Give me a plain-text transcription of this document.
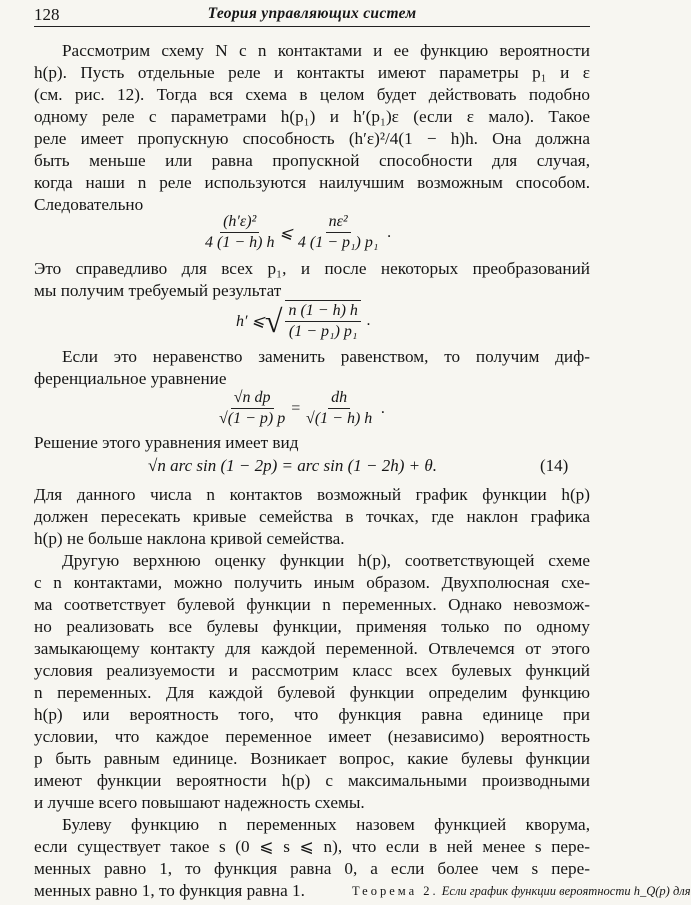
128	Теория управляющих систем
Рассмотрим схему N с n контактами и ее функцию вероятности
h(p). Пусть отдельные реле и контакты имеют параметры p₁ и ε
(см. рис. 12). Тогда вся схема в целом будет действовать подобно
одному реле с параметрами h(p₁) и h′(p₁)ε (если ε мало). Такое
реле имеет пропускную способность (h′ε)²/4(1 − h)h. Она должна
быть меньше или равна пропускной способности для случая,
когда наши n реле используются наилучшим возможным способом.
Следовательно
$\frac{\text{(h′ε)²}}{4 (1 - h) h}$ ⩽ $\frac{\text{nε²}}{\text{4 (1 − p₁) p₁}}$ .
Это справедливо для всех p₁, и после некоторых преобразований
мы получим требуемый результат
h′ ⩽ √ $\frac{n (1 - h) h}{\text{(1 − p₁) p₁}}$ .
Если это неравенство заменить равенством, то получим диф-
ференциальное уравнение
$\frac{\text{√n dp}}{√(1 - p) p} = \frac{dh}{√(1 - h) h}$ .
Решение этого уравнения имеет вид
√n arc sin (1 − 2p) = arc sin (1 − 2h) + θ.	(14)
Для данного числа n контактов возможный график функции h(p)
должен пересекать кривые семейства в точках, где наклон графика
h(p) не больше наклона кривой семейства.
Другую верхнюю оценку функции h(p), соответствующей схеме
с n контактами, можно получить иным образом. Двухполюсная схе-
ма соответствует булевой функции n переменных. Однако невозмож-
но реализовать все булевы функции, применяя только по одному
замыкающему контакту для каждой переменной. Отвлечемся от этого
условия реализуемости и рассмотрим класс всех булевых функций
n переменных. Для каждой булевой функции определим функцию
h(p) или вероятность того, что функция равна единице при
условии, что каждое переменное имеет (независимо) вероятность
p быть равным единице. Возникает вопрос, какие булевы функции
имеют функции вероятности h(p) с максимальными производными
и лучше всего повышают надежность схемы.
Булеву функцию n переменных назовем функцией кворума,
если существует такое s (0 ⩽ s ⩽ n), что если в ней менее s пере-
менных равно 1, то функция равна 0, а если более чем s пере-
менных равно 1, то функция равна 1.	Теорема 2. Если график функции вероятности h_Q(p) для
